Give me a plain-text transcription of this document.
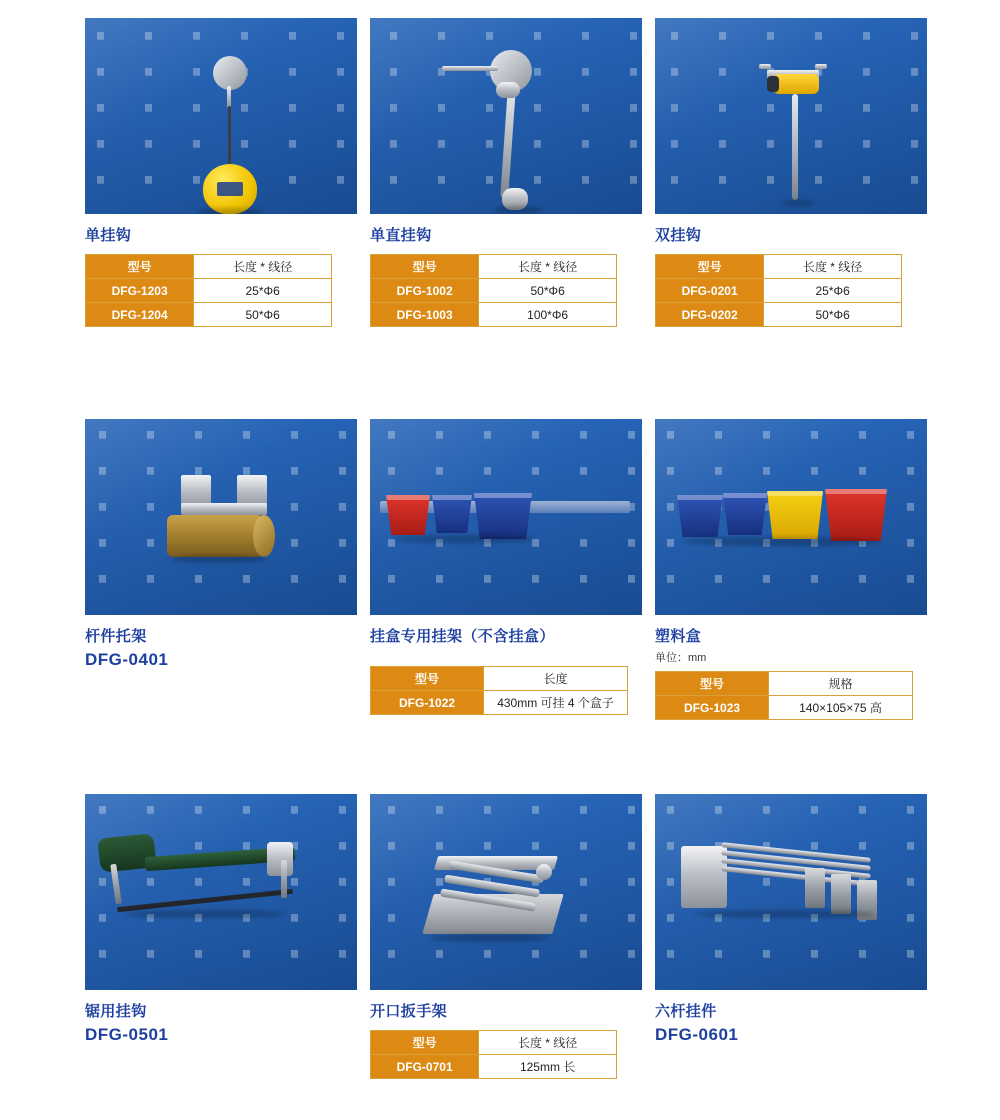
单挂钩
型号	长度 * 线径
DFG-1203	25*Φ6
DFG-1204	50*Φ6
单直挂钩
型号	长度 * 线径
DFG-1002	50*Φ6
DFG-1003	100*Φ6
双挂钩
型号	长度 * 线径
DFG-0201	25*Φ6
DFG-0202	50*Φ6
杆件托架
DFG-0401
挂盒专用挂架（不含挂盒）
型号	长度
DFG-1022	430mm 可挂 4 个盒子
塑料盒
单位：mm
型号	规格
DFG-1023	140×105×75 高
锯用挂钩
DFG-0501
开口扳手架
型号	长度 * 线径
DFG-0701	125mm 长
六杆挂件
DFG-0601
